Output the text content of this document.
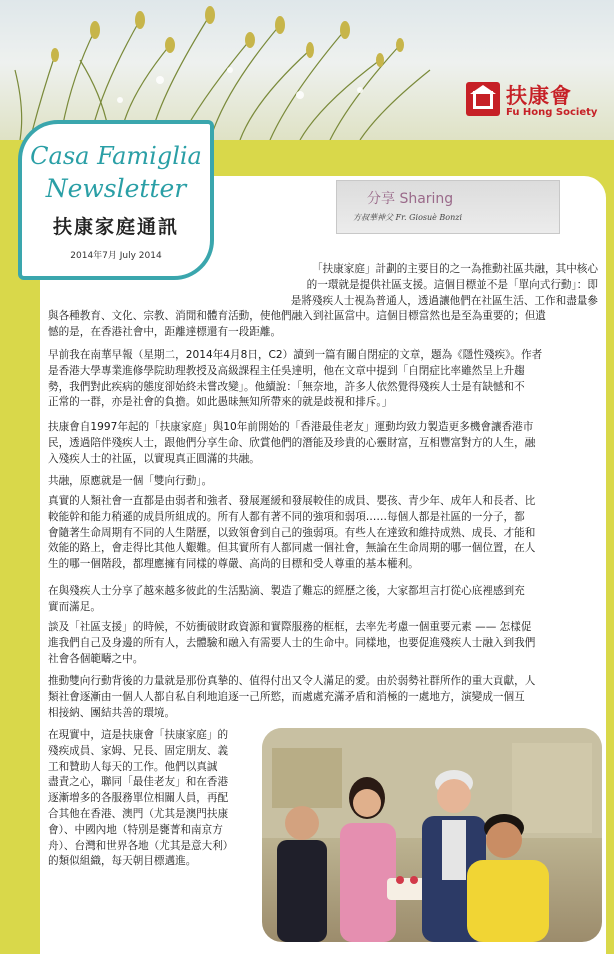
扶康會
Fu Hong Society
Casa Famiglia
Newsletter
扶康家庭通訊
2014年7月 July 2014
分享 Sharing
方叔華神父 Fr. Giosuè Bonzi
「扶康家庭」計劃的主要目的之一為推動社區共融，其中核心
的一環就是提供社區支援。這個目標並不是「單向式行動」：即
是將殘疾人士視為普通人，透過讓他們在社區生活、工作和盡量參
與各種教育、文化、宗教、消閒和體育活動，使他們融入到社區當中。這個目標當然也是至為重要的；但遺
憾的是，在香港社會中，距離達標還有一段距離。
早前我在南華早報（星期二，2014年4月8日，C2）讀到一篇有關自閉症的文章，題為《隱性殘疾》。作者
是香港大學專業進修學院助理教授及高級課程主任吳達明，他在文章中提到「自閉症比率雖然呈上升趨
勢，我們對此疾病的態度卻始終未嘗改變」。他續說：「無奈地，許多人依然覺得殘疾人士是有缺憾和不
正常的一群，亦是社會的負擔。如此愚昧無知所帶來的就是歧視和排斥。」
扶康會自1997年起的「扶康家庭」與10年前開始的「香港最佳老友」運動均致力製造更多機會讓香港市
民，透過陪伴殘疾人士，跟他們分享生命、欣賞他們的潛能及珍貴的心靈財富，互相豐富對方的人生，融
入殘疾人士的社區，以實現真正圓滿的共融。
共融，原應就是一個「雙向行動」。
真實的人類社會一直都是由弱者和強者、發展遲緩和發展較佳的成員、嬰孩、青少年、成年人和長者、比
較能幹和能力稍遜的成員所組成的。所有人都有著不同的強項和弱項……每個人都是社區的一分子，都
會隨著生命周期有不同的人生階歷，以致領會到自己的強弱項。有些人在達致和維持成熟、成長、才能和
效能的路上，會走得比其他人艱難。但其實所有人都同處一個社會，無論在生命周期的哪一個位置，在人
生的哪一個階段，都理應擁有同樣的尊嚴、高尚的目標和受人尊重的基本權利。
在與殘疾人士分享了越來越多彼此的生活點滴、製造了難忘的經歷之後，大家都坦言打從心底裡感到充
實而滿足。
談及「社區支援」的時候，不妨衝破財政資源和實際服務的框框，去率先考慮一個重要元素 —— 怎樣促
進我們自己及身邊的所有人，去體驗和融入有需要人士的生命中。同樣地，也要促進殘疾人士融入到我們
社會各個範疇之中。
推動雙向行動背後的力量就是那份真摯的、值得付出又令人滿足的愛。由於弱勢社群所作的重大貢獻，人
類社會逐漸由一個人人都自私自利地追逐一己所慾，而處處充滿矛盾和消極的一處地方，演變成一個互
相接納、團結共善的環境。
在現實中，這是扶康會「扶康家庭」的
殘疾成員、家姆、兄長、固定朋友、義
工和贊助人每天的工作。他們以真誠
盡責之心，聯同「最佳老友」和在香港
逐漸增多的各服務單位相關人員，再配
合其他在香港、澳門（尤其是澳門扶康
會）、中國內地（特別是甕菁和南京方
舟）、台灣和世界各地（尤其是意大利）
的類似組織，每天朝目標邁進。
